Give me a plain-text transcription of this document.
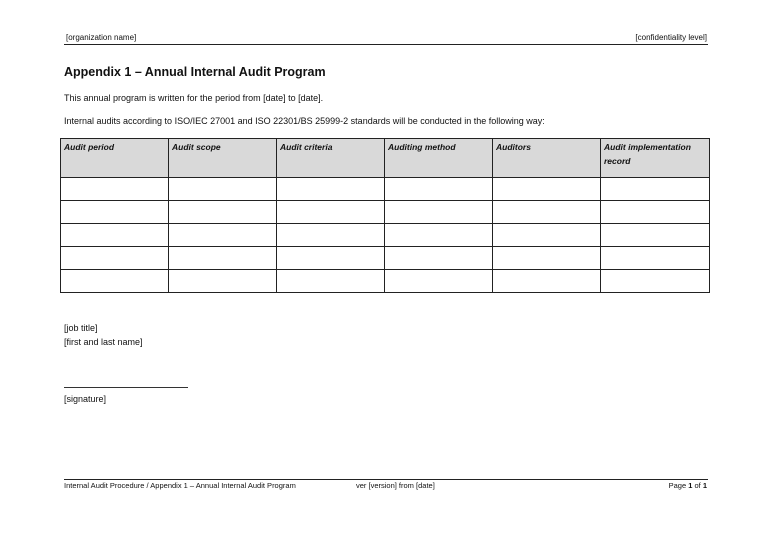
[organization name]	[confidentiality level]
Appendix 1 – Annual Internal Audit Program
This annual program is written for the period from [date] to [date].
Internal audits according to ISO/IEC 27001 and ISO 22301/BS 25999-2 standards will be conducted in the following way:
Audit period	Audit scope	Audit criteria	Auditing method	Auditors	Audit implementation record

[job title]
[first and last name]
[signature]
Internal Audit Procedure / Appendix 1 – Annual Internal Audit Program	ver [version] from [date]	Page 1 of 1
